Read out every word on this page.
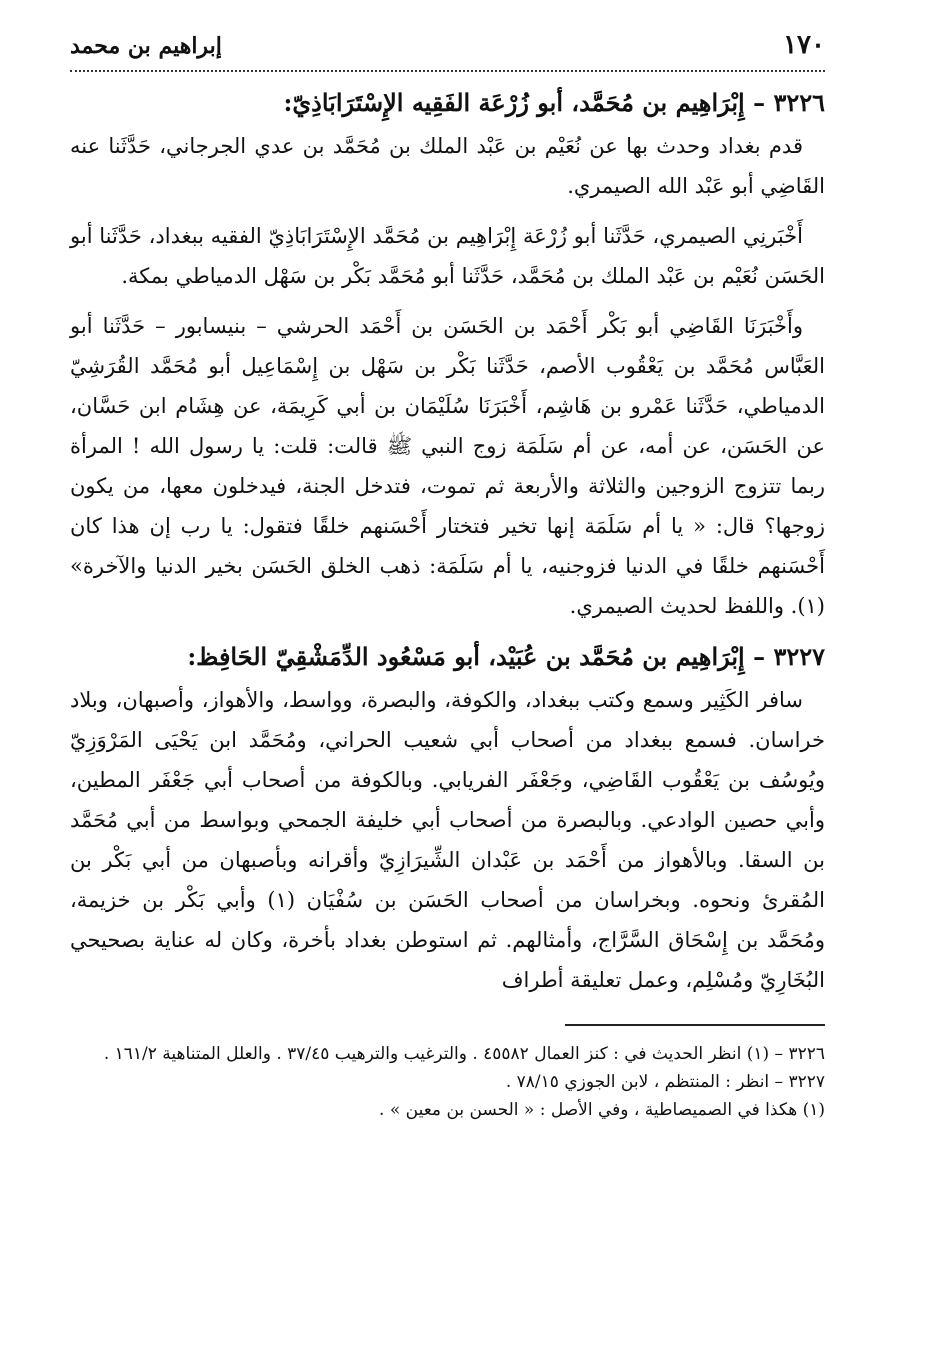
١٧٠
إبراهيم بن محمد
٣٢٢٦ – إِبْرَاهِيم بن مُحَمَّد، أبو زُرْعَة الفَقِيه الإِسْتَرَابَاذِيّ:

قدم بغداد وحدث بها عن نُعَيْم بن عَبْد الملك بن مُحَمَّد بن عدي الجرجاني، حَدَّثَنا عنه القَاضِي أبو عَبْد الله الصيمري.

أَخْبَرنِي الصيمري، حَدَّثَنا أبو زُرْعَة إِبْرَاهِيم بن مُحَمَّد الإِسْتَرَابَاذِيّ الفقيه ببغداد، حَدَّثَنا أبو الحَسَن نُعَيْم بن عَبْد الملك بن مُحَمَّد، حَدَّثَنا أبو مُحَمَّد بَكْر بن سَهْل الدمياطي بمكة.

وأَخْبَرَنَا القَاضِي أبو بَكْر أَحْمَد بن الحَسَن بن أَحْمَد الحرشي – بنيسابور – حَدَّثَنا أبو العَبَّاس مُحَمَّد بن يَعْقُوب الأصم، حَدَّثَنا بَكْر بن سَهْل بن إِسْمَاعِيل أبو مُحَمَّد القُرَشِيّ الدمياطي، حَدَّثَنا عَمْرو بن هَاشِم، أَخْبَرَنَا سُلَيْمَان بن أبي كَرِيمَة، عن هِشَام ابن حَسَّان، عن الحَسَن، عن أمه، عن أم سَلَمَة زوج النبي ﷺ قالت: قلت: يا رسول الله ! المرأة ربما تتزوج الزوجين والثلاثة والأربعة ثم تموت، فتدخل الجنة، فيدخلون معها، من يكون زوجها؟ قال: « يا أم سَلَمَة إنها تخير فتختار أَحْسَنهم خلقًا فتقول: يا رب إن هذا كان أَحْسَنهم خلقًا في الدنيا فزوجنيه، يا أم سَلَمَة: ذهب الخلق الحَسَن بخير الدنيا والآخرة» (١). واللفظ لحديث الصيمري.

٣٢٢٧ – إِبْرَاهِيم بن مُحَمَّد بن عُبَيْد، أبو مَسْعُود الدِّمَشْقِيّ الحَافِظ:

سافر الكَثِير وسمع وكتب ببغداد، والكوفة، والبصرة، وواسط، والأهواز، وأصبهان، وبلاد خراسان. فسمع ببغداد من أصحاب أبي شعيب الحراني، ومُحَمَّد ابن يَحْيَى المَرْوَزِيّ ويُوسُف بن يَعْقُوب القَاضِي، وجَعْفَر الفريابي. وبالكوفة من أصحاب أبي جَعْفَر المطين، وأبي حصين الوادعي. وبالبصرة من أصحاب أبي خليفة الجمحي وبواسط من أبي مُحَمَّد بن السقا. وبالأهواز من أَحْمَد بن عَبْدان الشِّيرَازِيّ وأقرانه وبأصبهان من أبي بَكْر بن المُقرئ ونحوه. وبخراسان من أصحاب الحَسَن بن سُفْيَان (١) وأبي بَكْر بن خزيمة، ومُحَمَّد بن إِسْحَاق السَّرَّاج، وأمثالهم. ثم استوطن بغداد بأخرة، وكان له عناية بصحيحي البُخَارِيّ ومُسْلِم، وعمل تعليقة أطراف

٣٢٢٦ – (١) انظر الحديث في : كنز العمال ٤٥٥٨٢ . والترغيب والترهيب ٣٧/٤٥ . والعلل المتناهية ١٦١/٢ .

٣٢٢٧ – انظر : المنتظم ، لابن الجوزي ٧٨/١٥ .

(١) هكذا في الصميصاطية ، وفي الأصل : « الحسن بن معين » .
